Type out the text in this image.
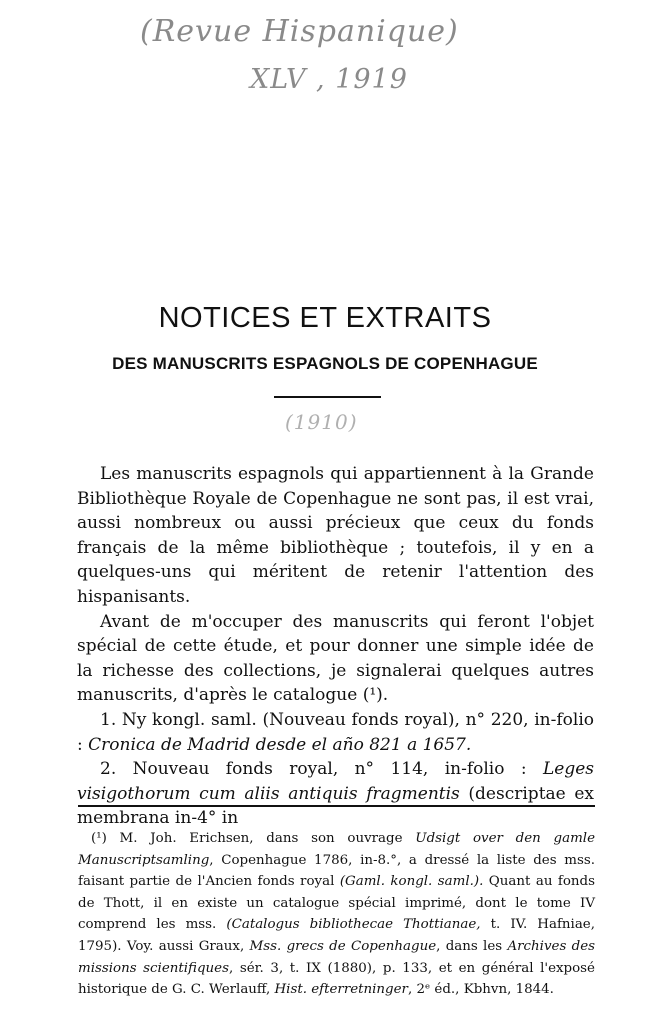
(Revue Hispanique)
XLV , 1919
(1910)
NOTICES ET EXTRAITS
DES MANUSCRITS ESPAGNOLS DE COPENHAGUE

Les manuscrits espagnols qui appartiennent à la Grande Bibliothèque Royale de Copenhague ne sont pas, il est vrai, aussi nombreux ou aussi précieux que ceux du fonds français de la même bibliothèque ; toutefois, il y en a quelques-uns qui méritent de retenir l'attention des hispanisants.

Avant de m'occuper des manuscrits qui feront l'objet spécial de cette étude, et pour donner une simple idée de la richesse des collections, je signalerai quelques autres manuscrits, d'après le catalogue (¹).

1. Ny kongl. saml. (Nouveau fonds royal), n° 220, in-folio : Cronica de Madrid desde el año 821 a 1657.

2. Nouveau fonds royal, n° 114, in-folio : Leges visigothorum cum aliis antiquis fragmentis (descriptae ex membrana in-4° in

(¹) M. Joh. Erichsen, dans son ouvrage Udsigt over den gamle Manuscriptsamling, Copenhague 1786, in-8.°, a dressé la liste des mss. faisant partie de l'Ancien fonds royal (Gaml. kongl. saml.). Quant au fonds de Thott, il en existe un catalogue spécial imprimé, dont le tome IV comprend les mss. (Catalogus bibliothecae Thottianae, t. IV. Hafniae, 1795). Voy. aussi Graux, Mss. grecs de Copenhague, dans les Archives des missions scientifiques, sér. 3, t. IX (1880), p. 133, et en général l'exposé historique de G. C. Werlauff, Hist. efterretninger, 2ᵉ éd., Kbhvn, 1844.
